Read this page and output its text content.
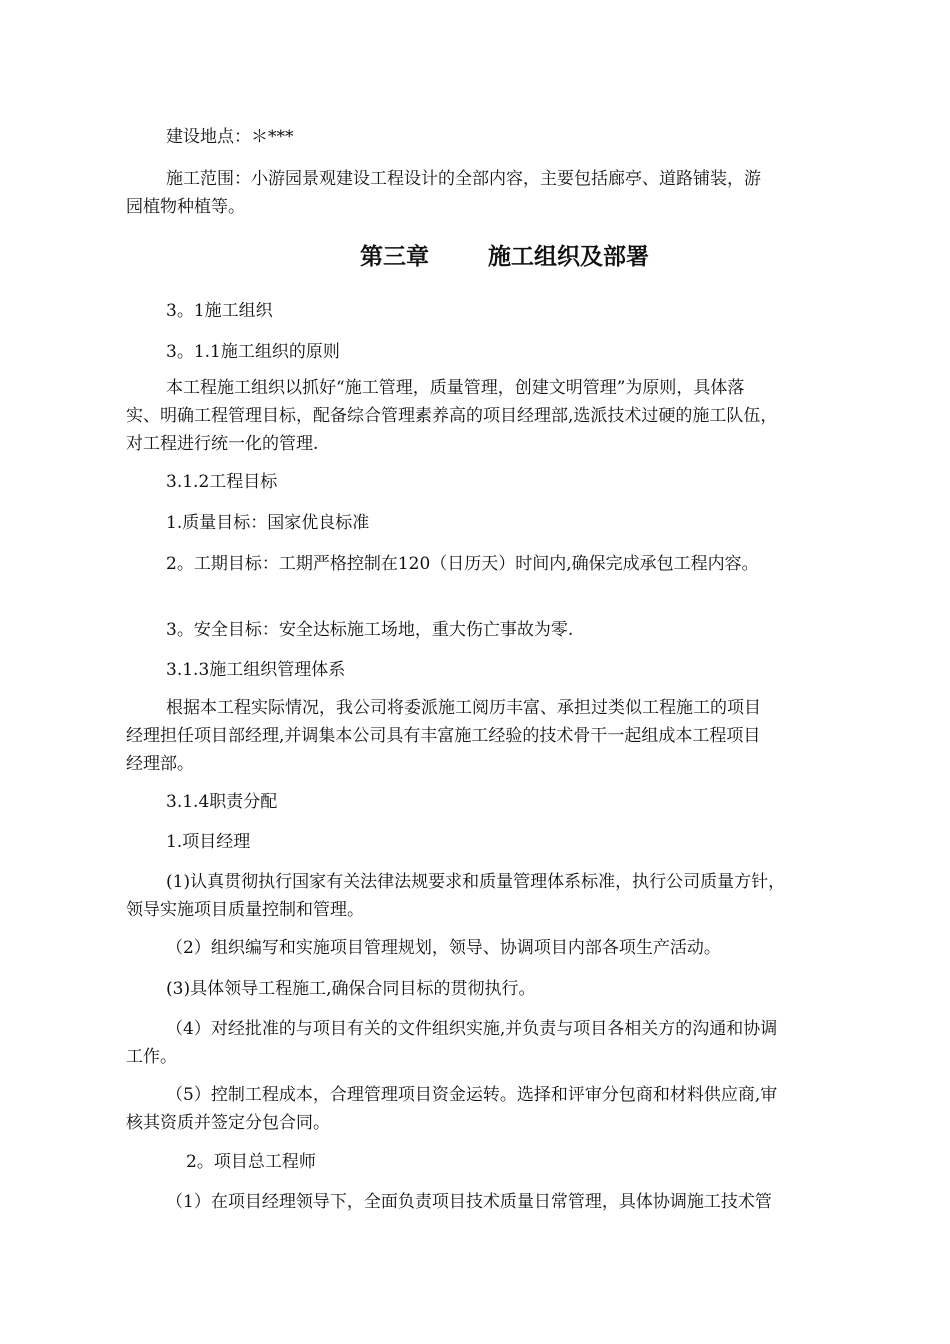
建设地点：＊***
施工范围：小游园景观建设工程设计的全部内容，主要包括廊亭、道路铺装，游
园植物种植等。
第三章	施工组织及部署
3。1施工组织
3。1.1施工组织的原则
本工程施工组织以抓好“施工管理，质量管理，创建文明管理”为原则，具体落
实、明确工程管理目标，配备综合管理素养高的项目经理部,选派技术过硬的施工队伍，
对工程进行统一化的管理.
3.1.2工程目标
1.质量目标：国家优良标准
2。工期目标：工期严格控制在120（日历天）时间内,确保完成承包工程内容。
3。安全目标：安全达标施工场地，重大伤亡事故为零.
3.1.3施工组织管理体系
根据本工程实际情况，我公司将委派施工阅历丰富、承担过类似工程施工的项目
经理担任项目部经理,并调集本公司具有丰富施工经验的技术骨干一起组成本工程项目
经理部。
3.1.4职责分配
1.项目经理
(1)认真贯彻执行国家有关法律法规要求和质量管理体系标准，执行公司质量方针，
领导实施项目质量控制和管理。
（2）组织编写和实施项目管理规划，领导、协调项目内部各项生产活动。
(3)具体领导工程施工,确保合同目标的贯彻执行。
（4）对经批准的与项目有关的文件组织实施,并负责与项目各相关方的沟通和协调
工作。
（5）控制工程成本，合理管理项目资金运转。选择和评审分包商和材料供应商,审
核其资质并签定分包合同。
2。项目总工程师
（1）在项目经理领导下，全面负责项目技术质量日常管理，具体协调施工技术管
